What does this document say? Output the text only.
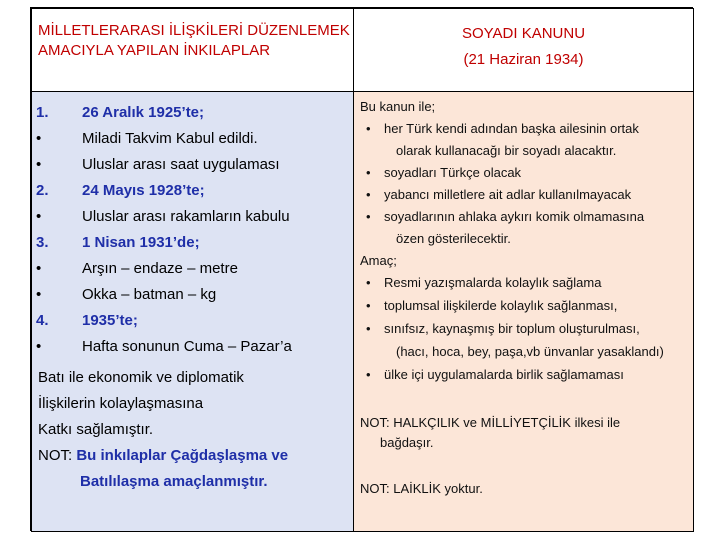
MİLLETLERARASI İLİŞKİLERİ DÜZENLEMEK
AMACIYLA YAPILAN İNKILAPLAR
SOYADI KANUNU
(21 Haziran 1934)
1.	26 Aralık 1925’te;
•	Miladi Takvim Kabul edildi.
•	Uluslar arası saat uygulaması
2.	24 Mayıs 1928’te;
•	Uluslar arası rakamların kabulu
3.	1 Nisan 1931’de;
•	Arşın – endaze – metre
•	Okka – batman – kg
4.	1935’te;
•	Hafta sonunun Cuma – Pazar’a
Batı ile ekonomik ve diplomatik
İlişkilerin kolaylaşmasına
Katkı sağlamıştır.
NOT: Bu inkılaplar Çağdaşlaşma ve
Batılılaşma amaçlanmıştır.
Bu kanun ile;
• her Türk kendi adından başka ailesinin ortak
olarak kullanacağı bir soyadı alacaktır.
• soyadları Türkçe olacak
• yabancı milletlere ait adlar kullanılmayacak
• soyadlarının ahlaka aykırı komik olmamasına
özen gösterilecektir.
Amaç;
• Resmi yazışmalarda kolaylık sağlama
• toplumsal ilişkilerde kolaylık sağlanması,
• sınıfsız, kaynaşmış bir toplum oluşturulması,
(hacı, hoca, bey, paşa,vb ünvanlar yasaklandı)
• ülke içi uygulamalarda birlik sağlamaması
NOT: HALKÇILIK ve MİLLİYETÇİLİK ilkesi ile
bağdaşır.
NOT: LAİKLİK yoktur.
